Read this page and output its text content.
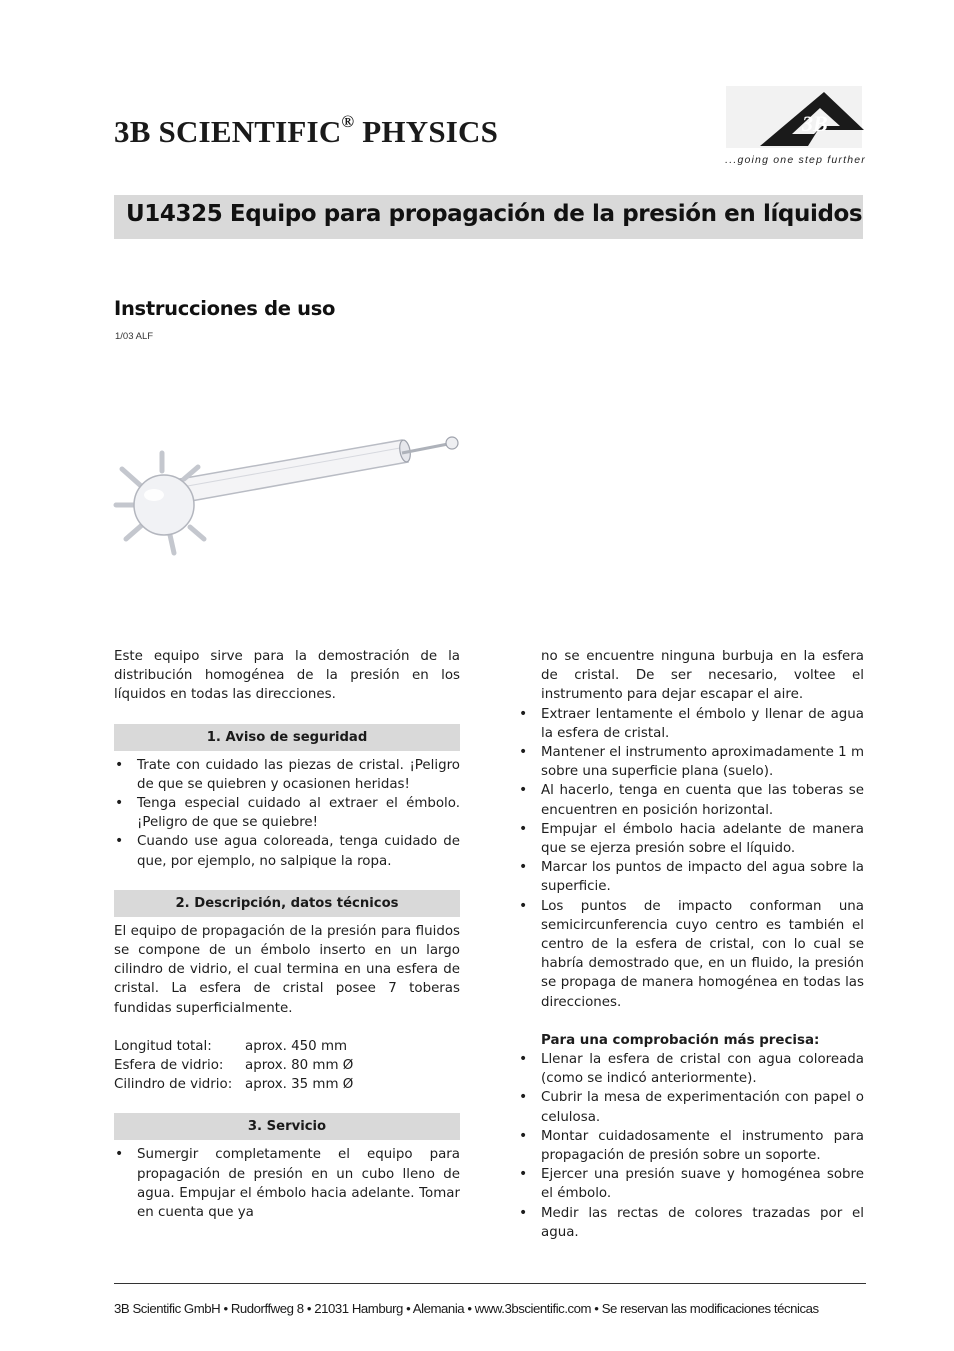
3B SCIENTIFIC® PHYSICS	3B
...going one step further
U14325 Equipo para propagación de la presión en líquidos
Instrucciones de uso
1/03 ALF

Este equipo sirve para la demostración de la distribución homogénea de la presión en los líquidos en todas las direcciones.

1. Aviso de seguridad
• Trate con cuidado las piezas de cristal. ¡Peligro de que se quiebren y ocasionen heridas!
• Tenga especial cuidado al extraer el émbolo. ¡Peligro de que se quiebre!
• Cuando use agua coloreada, tenga cuidado de que, por ejemplo, no salpique la ropa.
2. Descripción, datos técnicos

El equipo de propagación de la presión para fluidos se compone de un émbolo inserto en un largo cilindro de vidrio, el cual termina en una esfera de cristal. La esfera de cristal posee 7 toberas fundidas superficialmente.

Longitud total:	aprox. 450 mm
Esfera de vidrio:	aprox. 80 mm Ø
Cilindro de vidrio:	aprox. 35 mm Ø
3. Servicio
• Sumergir completamente el equipo para propagación de presión en un cubo lleno de agua. Empujar el émbolo hacia adelante. Tomar en cuenta que ya
no se encuentre ninguna burbuja en la esfera de cristal. De ser necesario, voltee el instrumento para dejar escapar el aire.
• Extraer lentamente el émbolo y llenar de agua la esfera de cristal.
• Mantener el instrumento aproximadamente 1 m sobre una superficie plana (suelo).
• Al hacerlo, tenga en cuenta que las toberas se encuentren en posición horizontal.
• Empujar el émbolo hacia adelante de manera que se ejerza presión sobre el líquido.
• Marcar los puntos de impacto del agua sobre la superficie.
• Los puntos de impacto conforman una semicircunferencia cuyo centro es también el centro de la esfera de cristal, con lo cual se habría demostrado que, en un fluido, la presión se propaga de manera homogénea en todas las direcciones.
Para una comprobación más precisa:
• Llenar la esfera de cristal con agua coloreada (como se indicó anteriormente).
• Cubrir la mesa de experimentación con papel o celulosa.
• Montar cuidadosamente el instrumento para propagación de presión sobre un soporte.
• Ejercer una presión suave y homogénea sobre el émbolo.
• Medir las rectas de colores trazadas por el agua.
3B Scientific GmbH • Rudorffweg 8 • 21031 Hamburg • Alemania • www.3bscientific.com • Se reservan las modificaciones técnicas
